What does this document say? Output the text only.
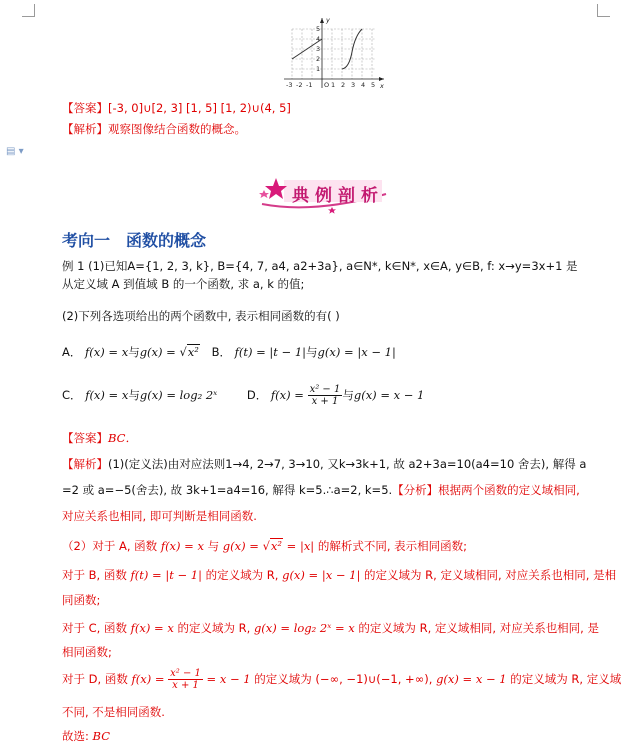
y
x
O
5
4
3
2
1
-3 -2 -1	1 2 3 4 5
【答案】[-3, 0]∪[2, 3] [1, 5] [1, 2)∪(4, 5]
【解析】观察图像结合函数的概念。
▤ ▾
典例剖析
考向一 函数的概念
例 1 (1)已知A={1, 2, 3, k}, B={4, 7, a4, a2+3a}, a∈N*, k∈N*, x∈A, y∈B, f: x→y=3x+1 是
从定义域 A 到值域 B 的一个函数, 求 a, k 的值;
(2)下列各选项给出的两个函数中, 表示相同函数的有( )
A． f(x) = x与g(x) = √x² B． f(t) = |t − 1|与g(x) = |x − 1|
C． f(x) = x与g(x) = log₂ 2ˣ	D． $f(x) = \frac{\text{x² − 1}}{x + 1}$ 与g(x) = x − 1
【答案】BC．
【解析】(1)(定义法)由对应法则1→4, 2→7, 3→10, 又k→3k+1, 故 a2+3a=10(a4=10 舍去), 解得 a
=2 或 a=−5(舍去), 故 3k+1=a4=16, 解得 k=5.∴a=2, k=5.【分析】根据两个函数的定义域相同,
对应关系也相同, 即可判断是相同函数.
（2）对于 A, 函数 f(x) = x 与 g(x) = √x² = |x| 的解析式不同, 表示相同函数;
对于 B, 函数 f(t) = |t − 1| 的定义域为 R, g(x) = |x − 1| 的定义域为 R, 定义域相同, 对应关系也相同, 是相
同函数;
对于 C, 函数 f(x) = x 的定义域为 R, g(x) = log₂ 2ˣ = x 的定义域为 R, 定义域相同, 对应关系也相同, 是
相同函数;
对于 D, 函数 $f(x) = \frac{\text{x² − 1}}{x + 1} = x - 1$ 的定义域为 (−∞, −1)∪(−1, +∞), g(x) = x − 1 的定义域为 R, 定义域
不同, 不是相同函数.
故选: BC
